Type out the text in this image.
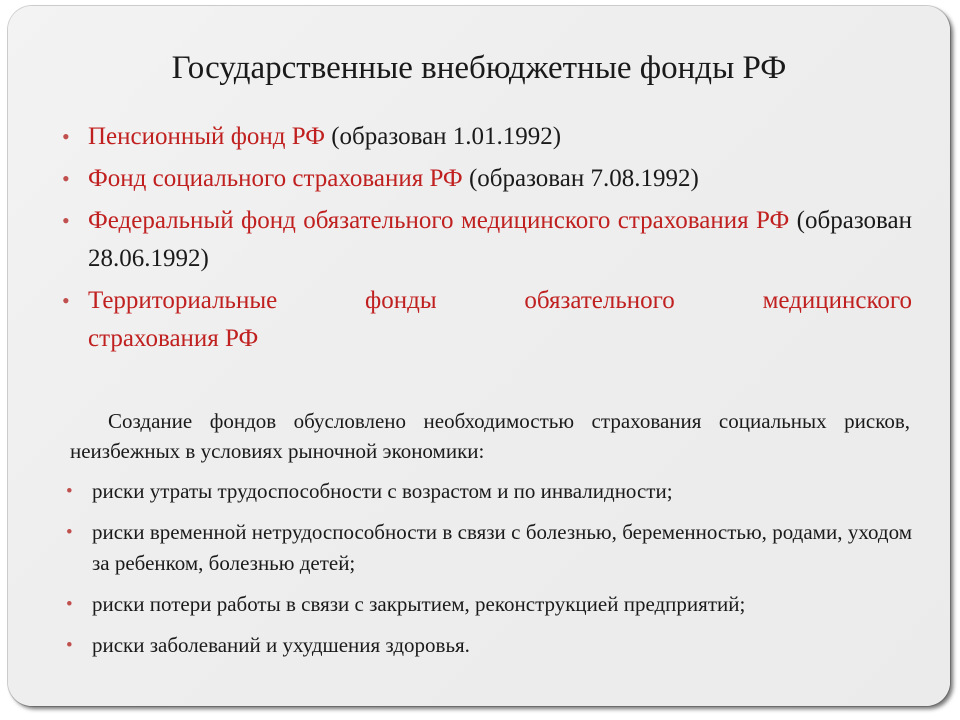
Государственные внебюджетные фонды РФ
• Пенсионный фонд РФ (образован 1.01.1992)
• Фонд социального страхования РФ (образован 7.08.1992)
• Федеральный фонд обязательного медицинского страхования РФ (образован 28.06.1992)
• Территориальные фонды обязательного медицинского
страхования РФ

Создание фондов обусловлено необходимостью страхования социальных рисков, неизбежных в условиях рыночной экономики:

• риски утраты трудоспособности с возрастом и по инвалидности;
• риски временной нетрудоспособности в связи с болезнью, беременностью, родами, уходом за ребенком, болезнью детей;
• риски потери работы в связи с закрытием, реконструкцией предприятий;
• риски заболеваний и ухудшения здоровья.
